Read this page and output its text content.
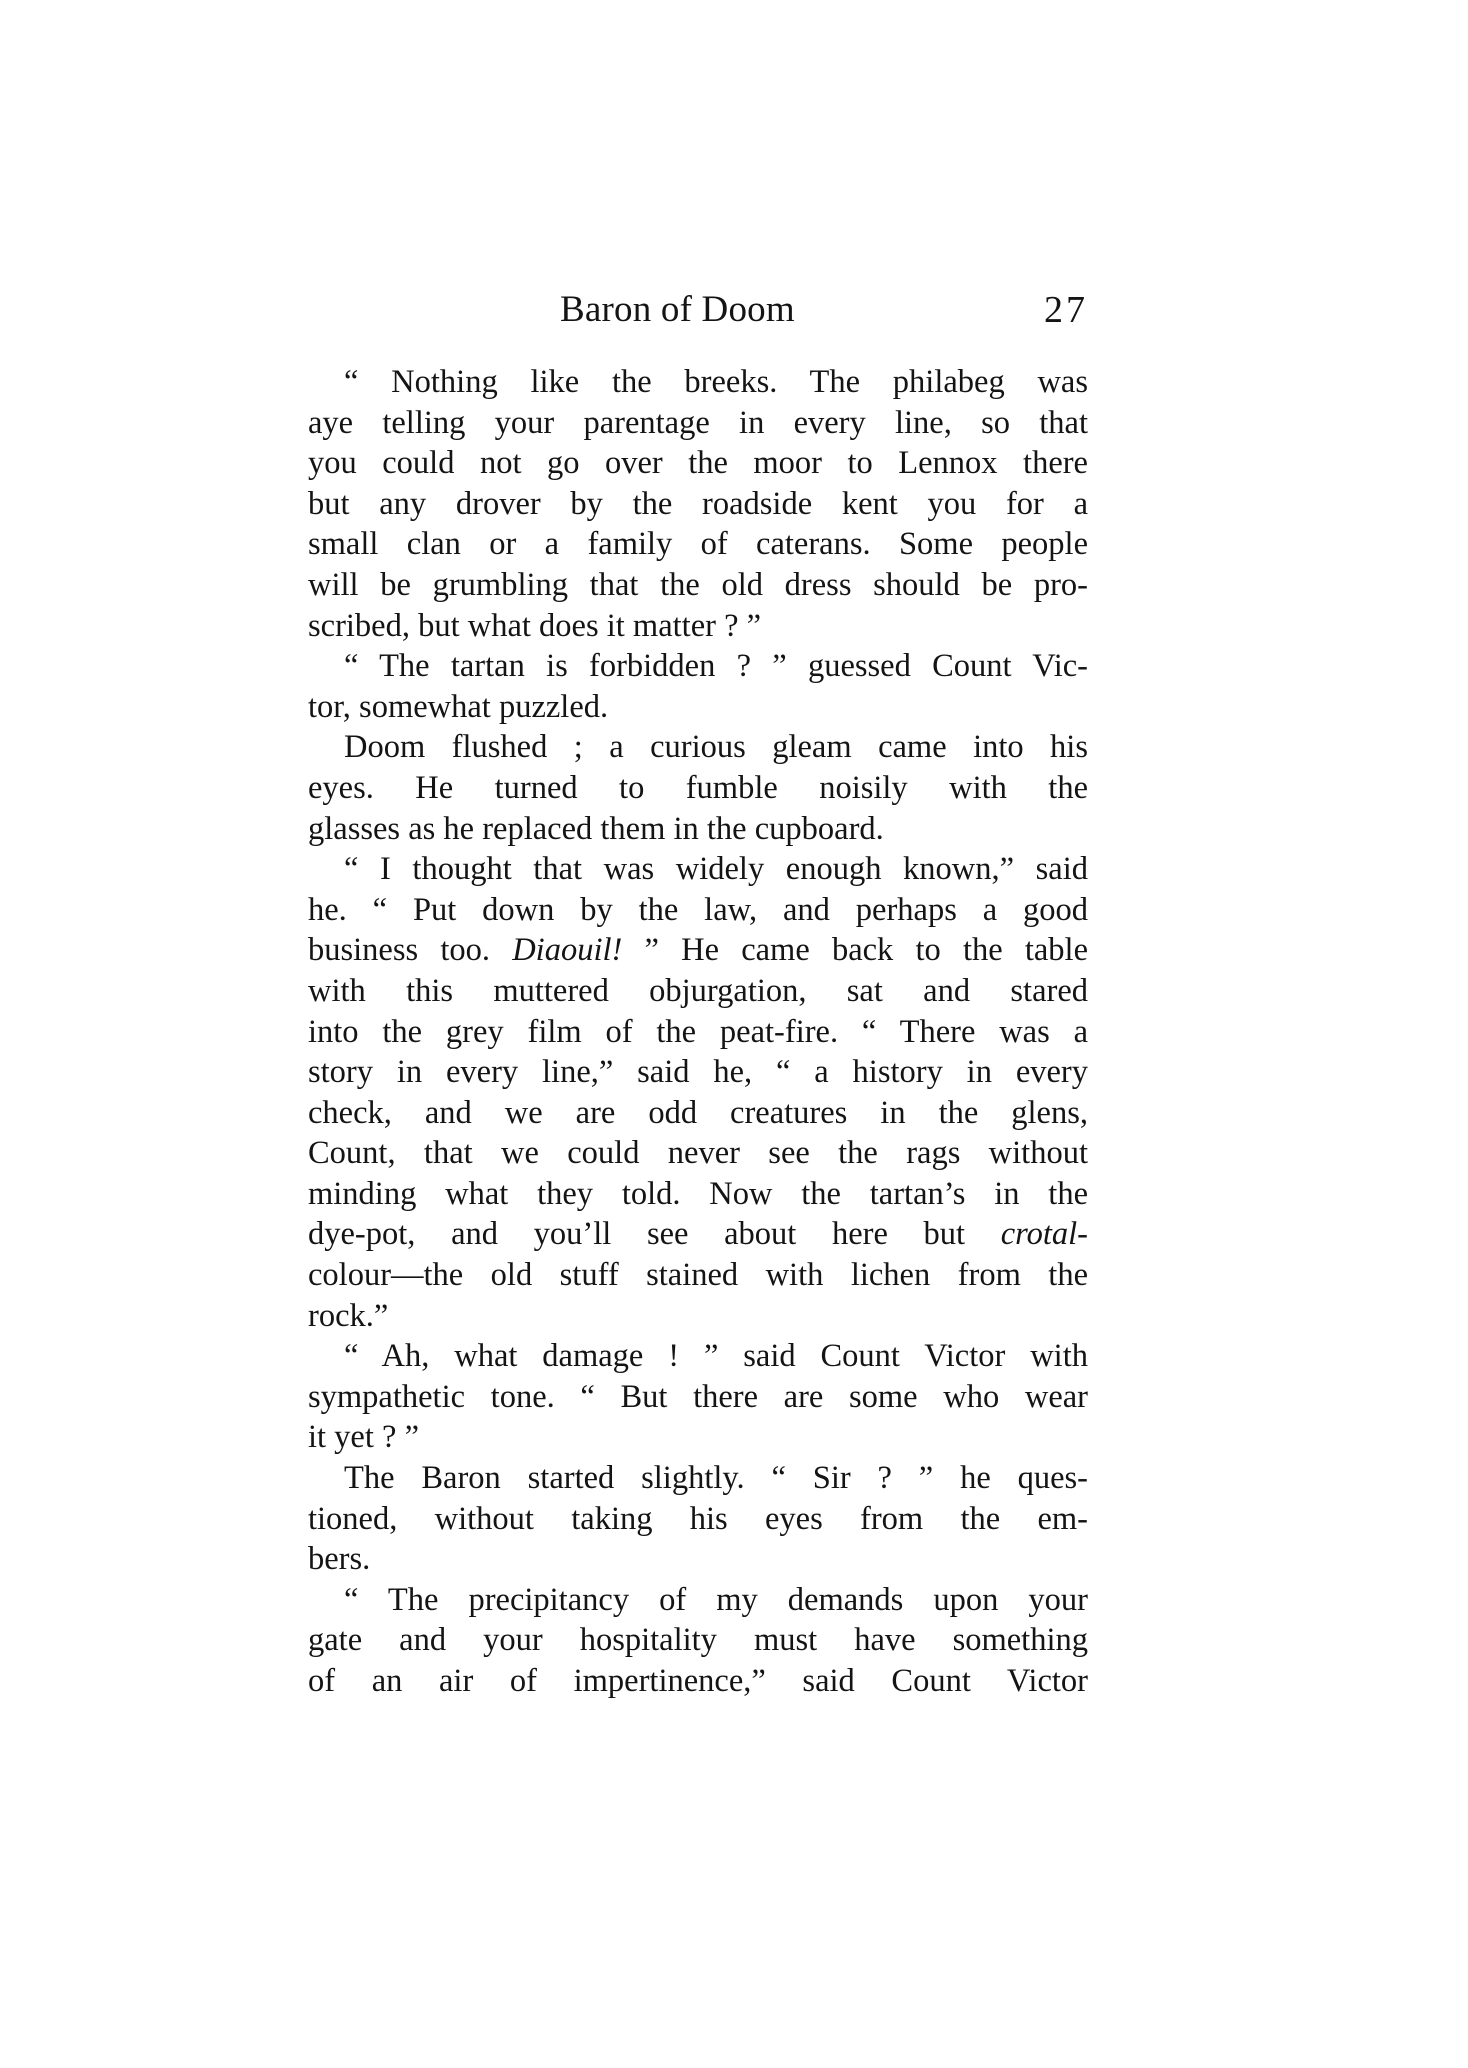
Baron of Doom	27

“ Nothing like the breeks. The philabeg was
aye telling your parentage in every line, so that
you could not go over the moor to Lennox there
but any drover by the roadside kent you for a
small clan or a family of caterans. Some people
will be grumbling that the old dress should be pro-
scribed, but what does it matter ? ”

“ The tartan is forbidden ? ” guessed Count Vic-
tor, somewhat puzzled.

Doom flushed ; a curious gleam came into his
eyes. He turned to fumble noisily with the
glasses as he replaced them in the cupboard.

“ I thought that was widely enough known,” said
he. “ Put down by the law, and perhaps a good
business too. Diaouil! ” He came back to the table
with this muttered objurgation, sat and stared
into the grey film of the peat-fire. “ There was a
story in every line,” said he, “ a history in every
check, and we are odd creatures in the glens,
Count, that we could never see the rags without
minding what they told. Now the tartan’s in the
dye-pot, and you’ll see about here but crotal-
colour—the old stuff stained with lichen from the
rock.”

“ Ah, what damage ! ” said Count Victor with
sympathetic tone. “ But there are some who wear
it yet ? ”

The Baron started slightly. “ Sir ? ” he ques-
tioned, without taking his eyes from the em-
bers.

“ The precipitancy of my demands upon your
gate and your hospitality must have something
of an air of impertinence,” said Count Victor
